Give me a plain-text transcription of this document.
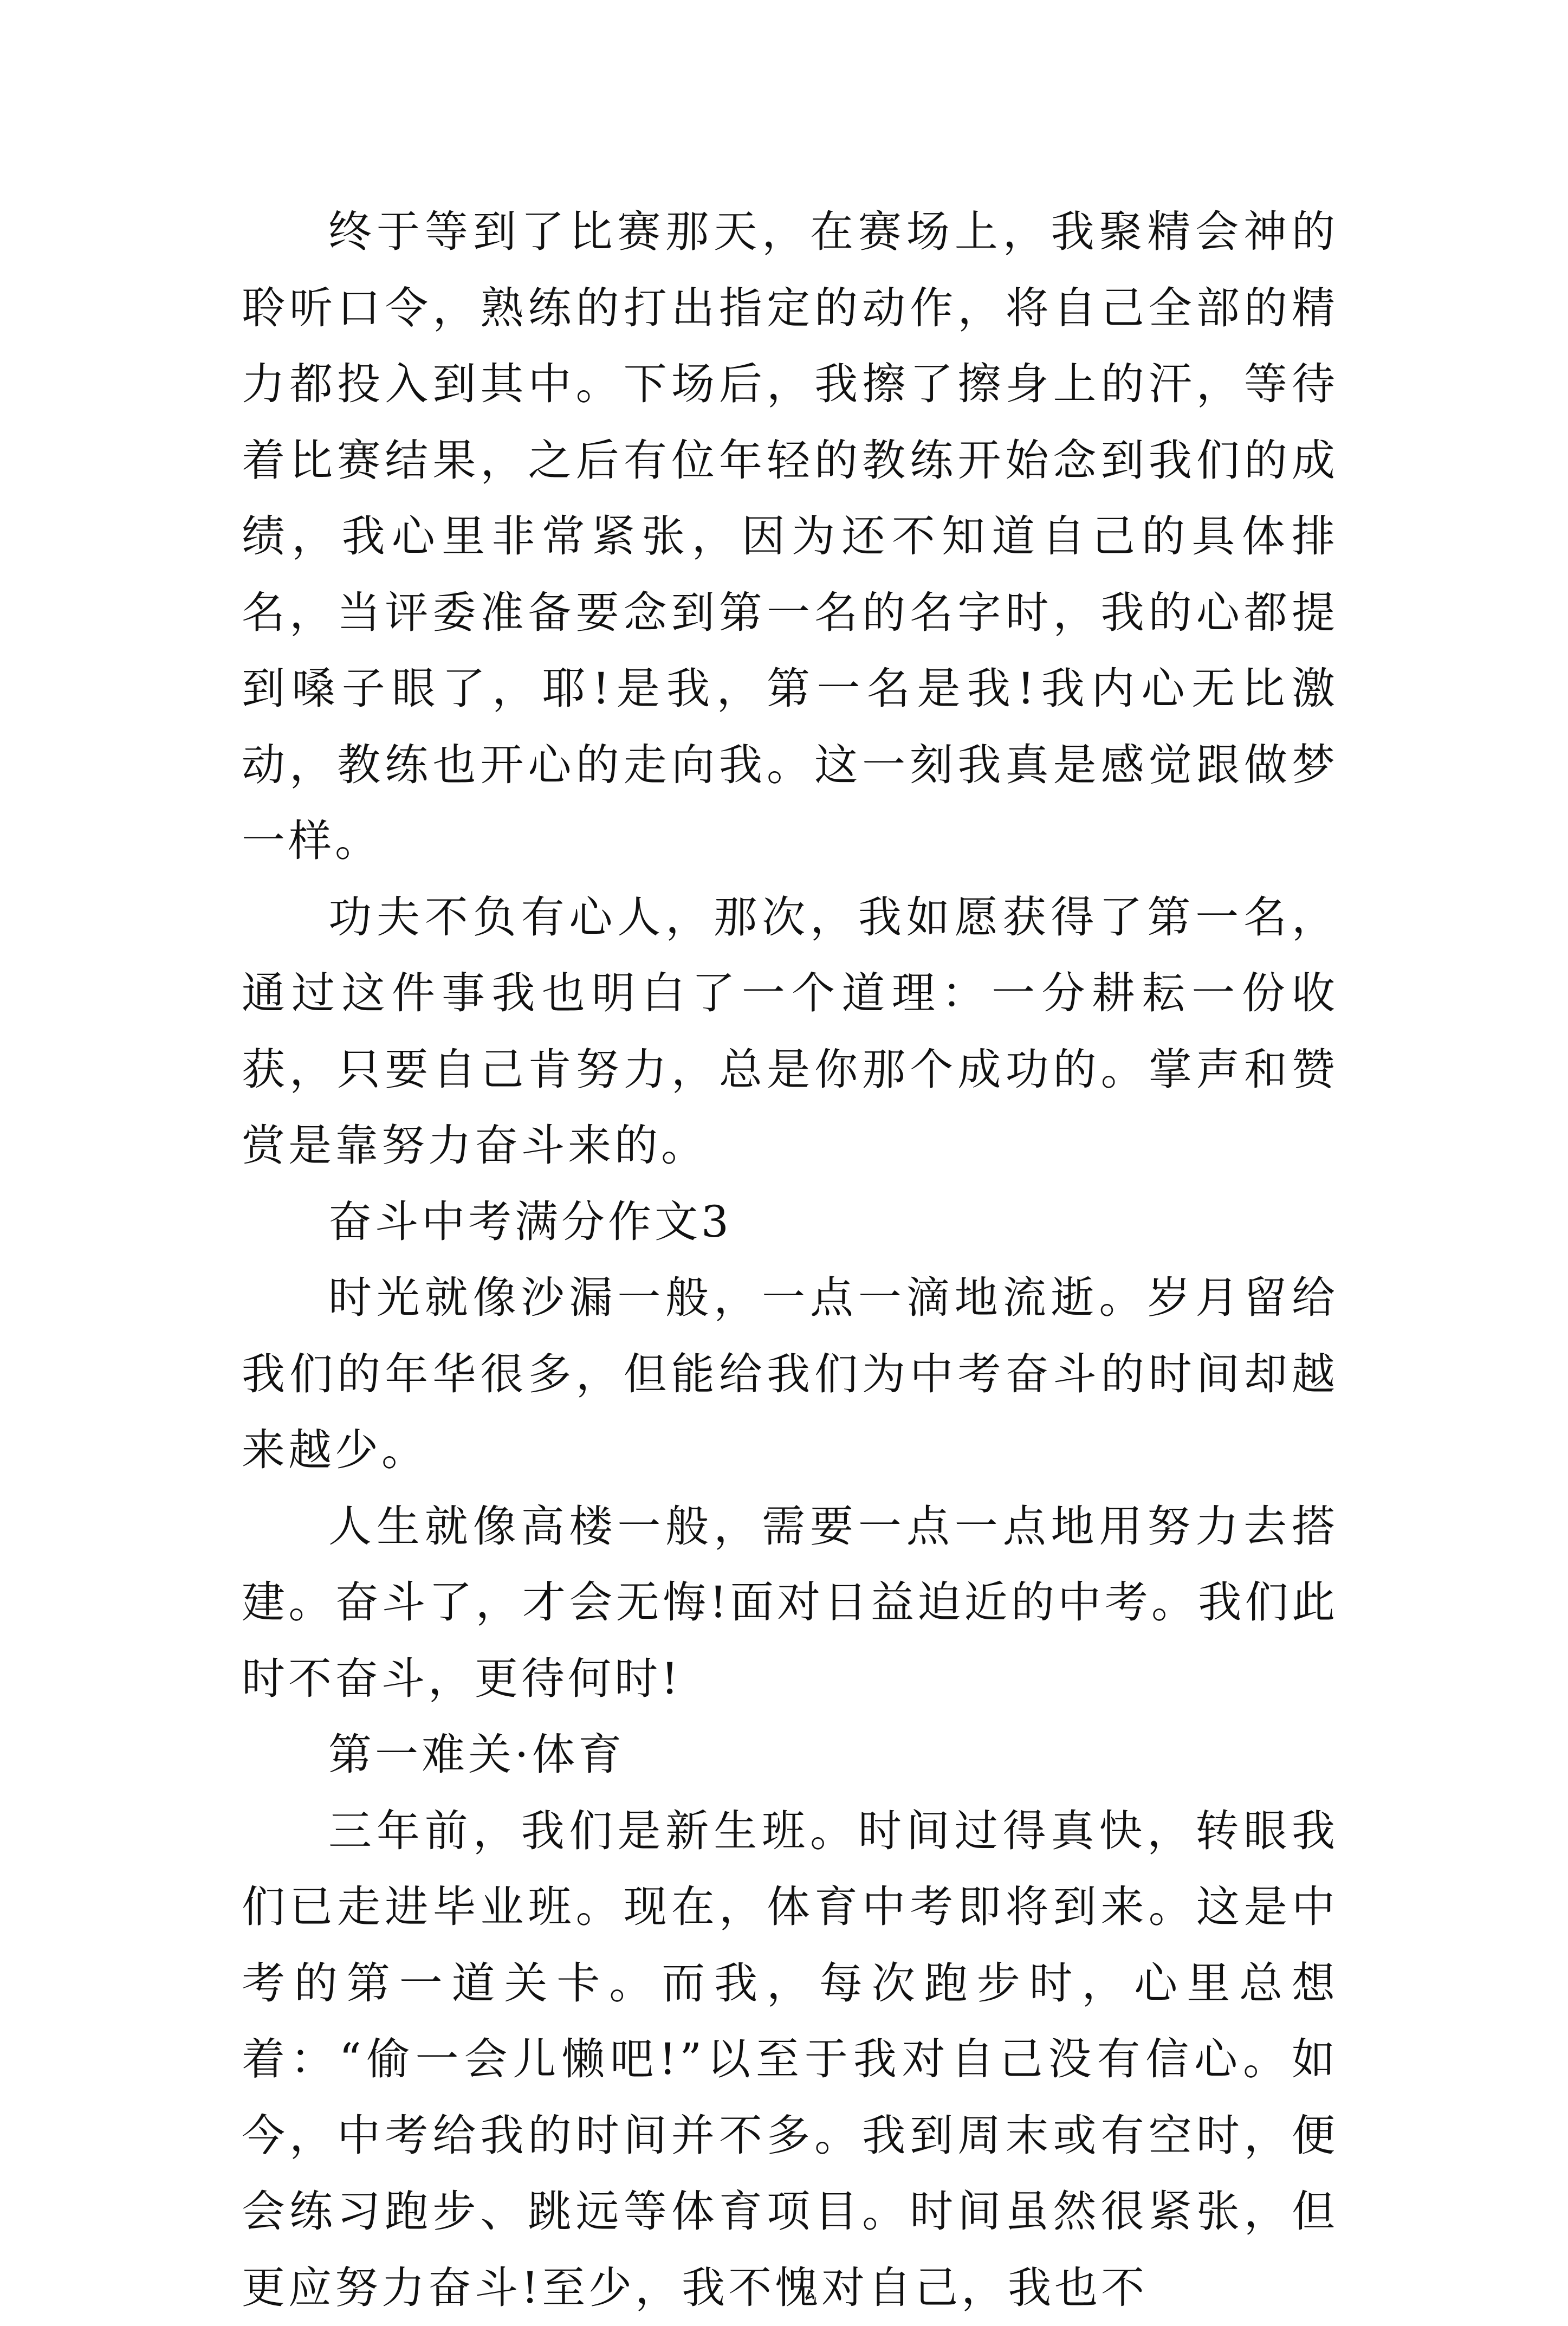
终于等到了比赛那天，在赛场上，我聚精会神的聆听口令，熟练的打出指定的动作，将自己全部的精力都投入到其中。下场后，我擦了擦身上的汗，等待着比赛结果，之后有位年轻的教练开始念到我们的成绩，我心里非常紧张，因为还不知道自己的具体排名，当评委准备要念到第一名的名字时，我的心都提到嗓子眼了，耶!是我，第一名是我!我内心无比激动，教练也开心的走向我。这一刻我真是感觉跟做梦一样。

功夫不负有心人，那次，我如愿获得了第一名，通过这件事我也明白了一个道理：一分耕耘一份收获，只要自己肯努力，总是你那个成功的。掌声和赞赏是靠努力奋斗来的。

奋斗中考满分作文3

时光就像沙漏一般，一点一滴地流逝。岁月留给我们的年华很多，但能给我们为中考奋斗的时间却越来越少。

人生就像高楼一般，需要一点一点地用努力去搭建。奋斗了，才会无悔!面对日益迫近的中考。我们此时不奋斗，更待何时!

第一难关·体育

三年前，我们是新生班。时间过得真快，转眼我们已走进毕业班。现在，体育中考即将到来。这是中考的第一道关卡。而我，每次跑步时，心里总想着：“偷一会儿懒吧!”以至于我对自己没有信心。如今，中考给我的时间并不多。我到周末或有空时，便会练习跑步、跳远等体育项目。时间虽然很紧张，但更应努力奋斗!至少，我不愧对自己，我也不
